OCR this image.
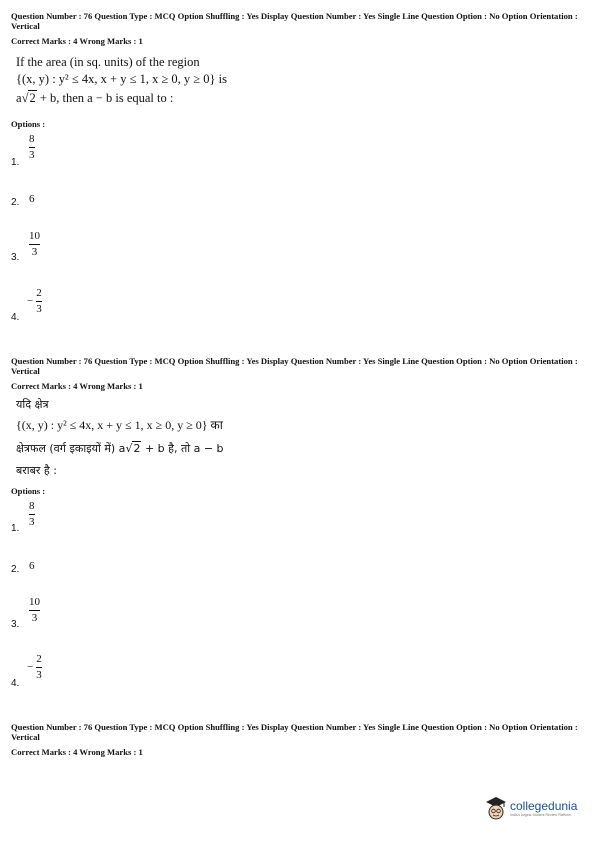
Question Number : 76 Question Type : MCQ Option Shuffling : Yes Display Question Number : Yes Single Line Question Option : No Option Orientation : Vertical
Correct Marks : 4 Wrong Marks : 1
If the area (in sq. units) of the region
{(x, y) : y² ≤ 4x, x + y ≤ 1, x ≥ 0, y ≥ 0} is
a√2 + b, then a − b is equal to :
Options :
8
3
1.
2. 6
10
3
3.
− $\frac{2}{3}$
4.
Question Number : 76 Question Type : MCQ Option Shuffling : Yes Display Question Number : Yes Single Line Question Option : No Option Orientation : Vertical
Correct Marks : 4 Wrong Marks : 1
यदि क्षेत्र
{(x, y) : y² ≤ 4x, x + y ≤ 1, x ≥ 0, y ≥ 0} का
क्षेत्रफल (वर्ग इकाइयों में) a√2 + b है, तो a − b
बराबर है :
Options :
8
3
1.
2. 6
10
3
3.
− $\frac{2}{3}$
4.
Question Number : 76 Question Type : MCQ Option Shuffling : Yes Display Question Number : Yes Single Line Question Option : No Option Orientation : Vertical
Correct Marks : 4 Wrong Marks : 1
collegedunia
India's largest Student Review Platform
